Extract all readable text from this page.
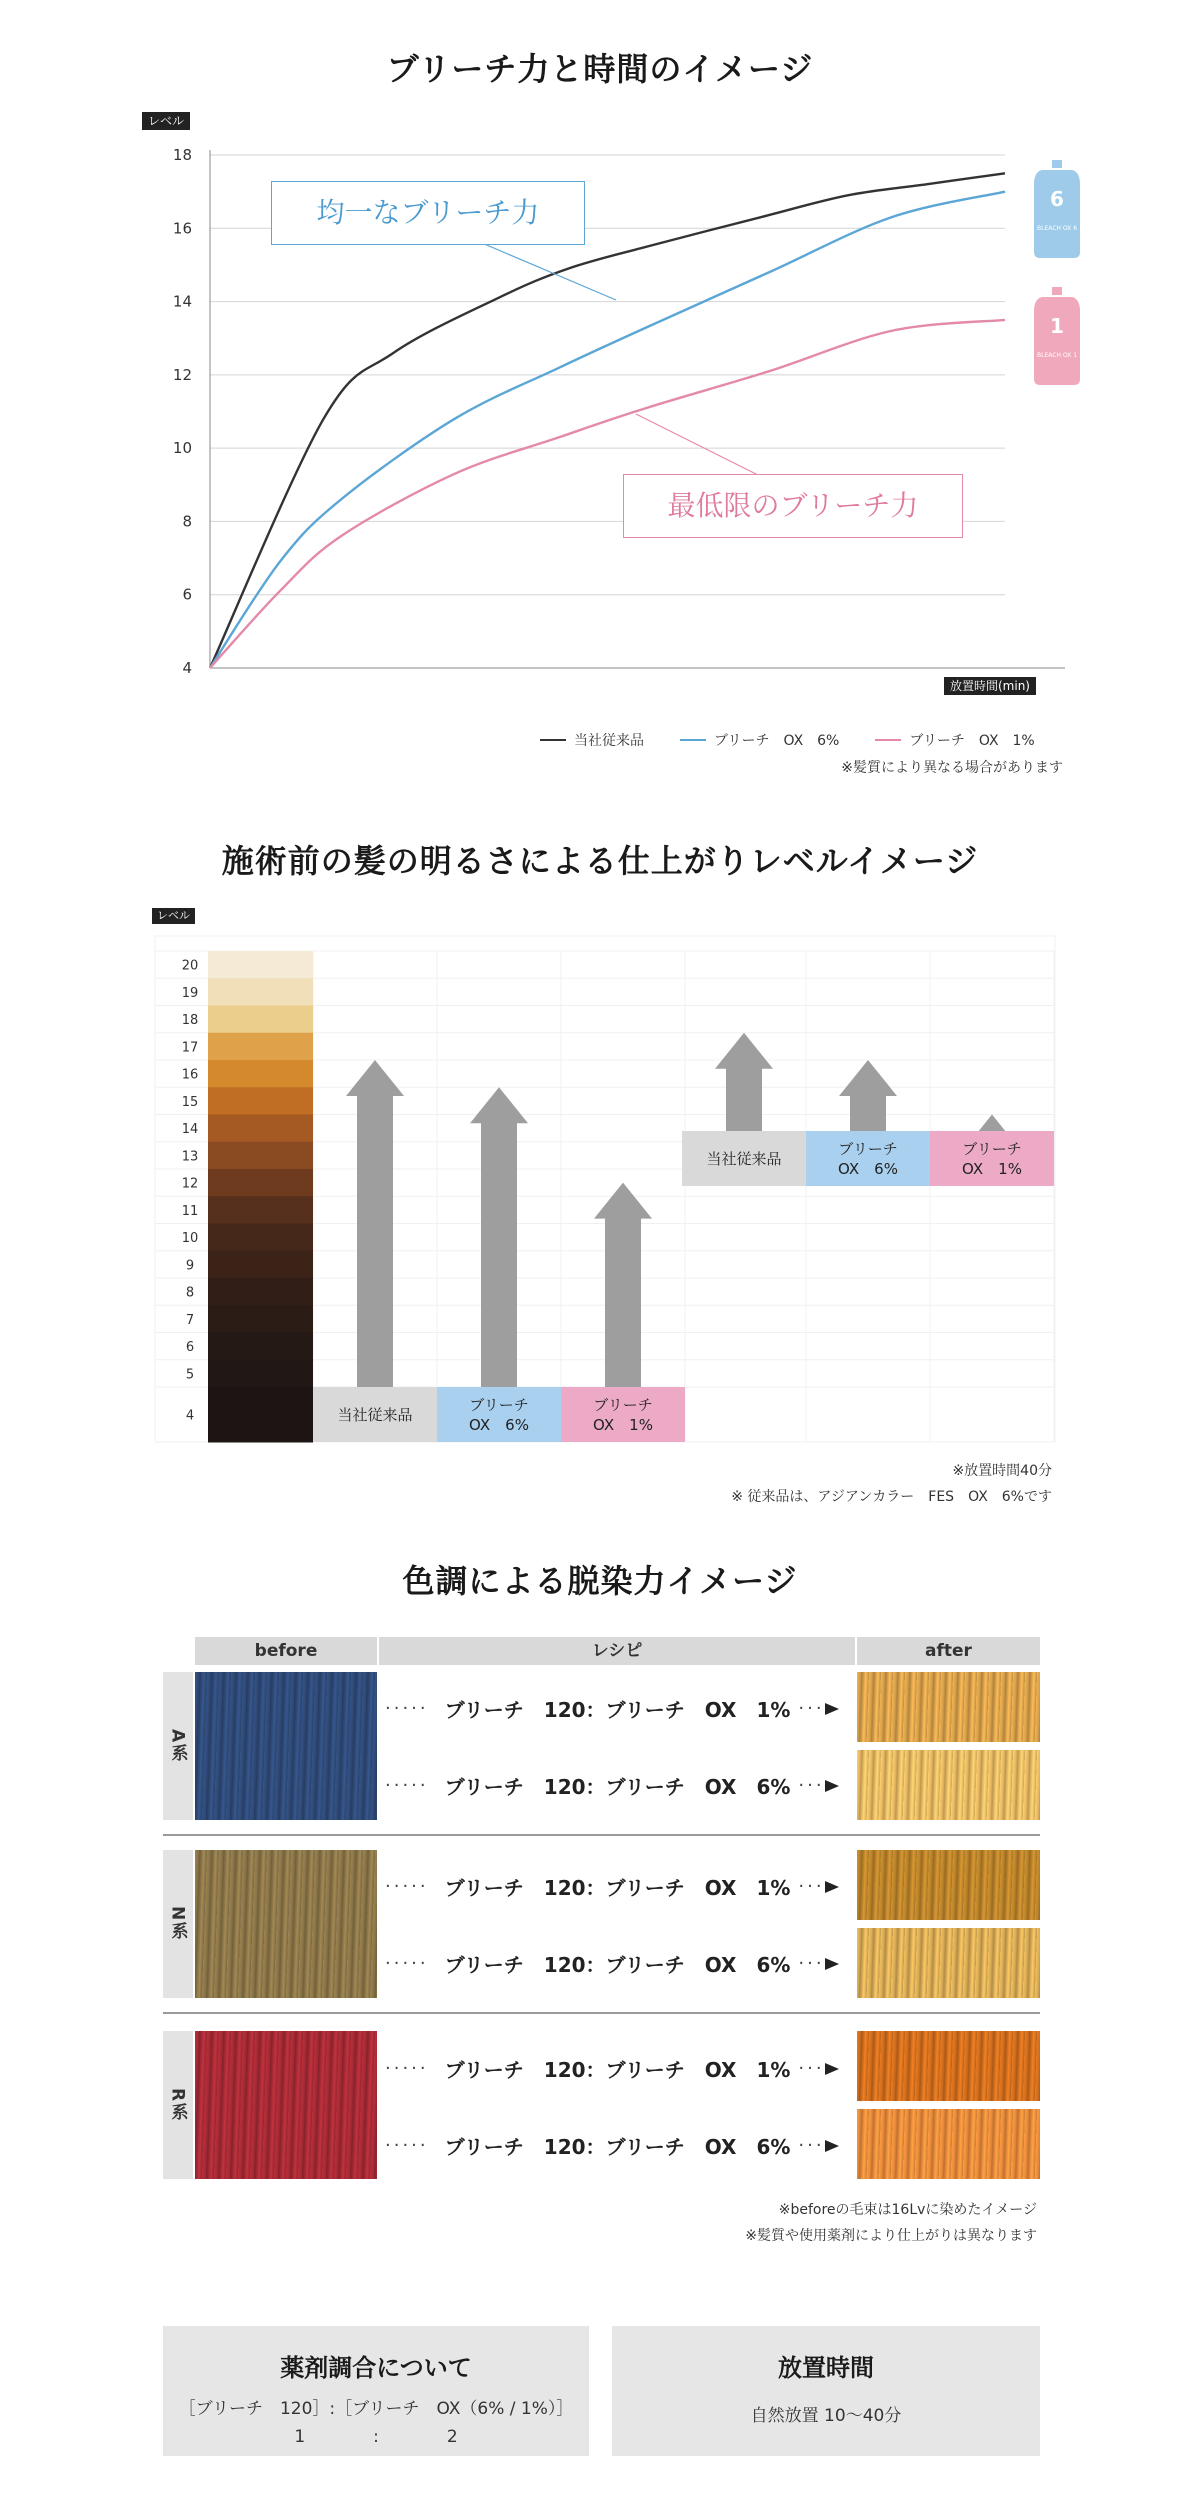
ブリーチ力と時間のイメージ
レベル
4
6
8
10
12
14
16
18
均一なブリーチ力
最低限のブリーチ力
6
BLEACH OX 6
1
BLEACH OX 1
放置時間(min)
当社従来品	ブリーチ　OX　6%	ブリーチ　OX　1%
※髪質により異なる場合があります
施術前の髪の明るさによる仕上がりレベルイメージ
レベル
20
19
18
17
16
15
14
13
12
11
10
9
8
7
6
5
4	当社従来品
ブリーチ
OX　6%
ブリーチ
OX　1%
当社従来品
ブリーチ
OX　6%
ブリーチ
OX　1%
※放置時間40分
※ 従来品は、アジアンカラー　FES　OX　6%です
色調による脱染力イメージ
before	レシピ	after
A系
····· ブリーチ　120：ブリーチ　OX　1% ···
····· ブリーチ　120：ブリーチ　OX　6% ···
N系
····· ブリーチ　120：ブリーチ　OX　1% ···
····· ブリーチ　120：ブリーチ　OX　6% ···
R系
····· ブリーチ　120：ブリーチ　OX　1% ···
····· ブリーチ　120：ブリーチ　OX　6% ···
※beforeの毛束は16Lvに染めたイメージ
※髪質や使用薬剤により仕上がりは異なります
薬剤調合について

［ブリーチ　120］:［ブリーチ　OX（6% / 1%）］
1　　　　:　　　　2

放置時間

自然放置 10～40分
